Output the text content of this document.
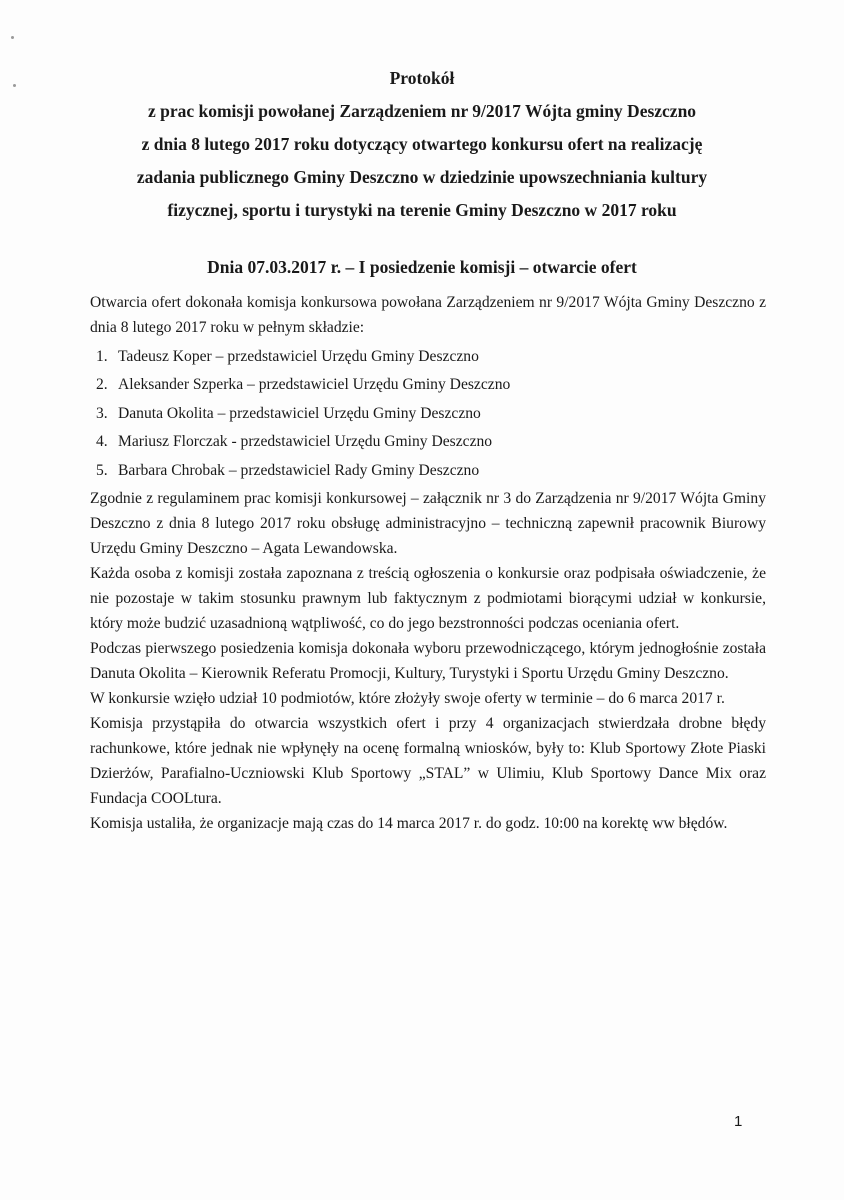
Protokół
z prac komisji powołanej Zarządzeniem nr 9/2017 Wójta gminy Deszczno
z dnia 8 lutego 2017 roku dotyczący otwartego konkursu ofert na realizację
zadania publicznego Gminy Deszczno w dziedzinie upowszechniania kultury
fizycznej, sportu i turystyki na terenie Gminy Deszczno w 2017 roku
Dnia 07.03.2017 r. – I posiedzenie komisji – otwarcie ofert

Otwarcia ofert dokonała komisja konkursowa powołana Zarządzeniem nr 9/2017 Wójta Gminy Deszczno z dnia 8 lutego 2017 roku w pełnym składzie:

1. Tadeusz Koper – przedstawiciel Urzędu Gminy Deszczno
2. Aleksander Szperka – przedstawiciel Urzędu Gminy Deszczno
3. Danuta Okolita – przedstawiciel Urzędu Gminy Deszczno
4. Mariusz Florczak - przedstawiciel Urzędu Gminy Deszczno
5. Barbara Chrobak – przedstawiciel Rady Gminy Deszczno

Zgodnie z regulaminem prac komisji konkursowej – załącznik nr 3 do Zarządzenia nr 9/2017 Wójta Gminy Deszczno z dnia 8 lutego 2017 roku obsługę administracyjno – techniczną zapewnił pracownik Biurowy Urzędu Gminy Deszczno – Agata Lewandowska.

Każda osoba z komisji została zapoznana z treścią ogłoszenia o konkursie oraz podpisała oświadczenie, że nie pozostaje w takim stosunku prawnym lub faktycznym z podmiotami biorącymi udział w konkursie, który może budzić uzasadnioną wątpliwość, co do jego bezstronności podczas oceniania ofert.

Podczas pierwszego posiedzenia komisja dokonała wyboru przewodniczącego, którym jednogłośnie została Danuta Okolita – Kierownik Referatu Promocji, Kultury, Turystyki i Sportu Urzędu Gminy Deszczno.

W konkursie wzięło udział 10 podmiotów, które złożyły swoje oferty w terminie – do 6 marca 2017 r.

Komisja przystąpiła do otwarcia wszystkich ofert i przy 4 organizacjach stwierdzała drobne błędy rachunkowe, które jednak nie wpłynęły na ocenę formalną wniosków, były to: Klub Sportowy Złote Piaski Dzierżów, Parafialno-Uczniowski Klub Sportowy „STAL” w Ulimiu, Klub Sportowy Dance Mix oraz Fundacja COOLtura.

Komisja ustaliła, że organizacje mają czas do 14 marca 2017 r. do godz. 10:00 na korektę ww błędów.

1
